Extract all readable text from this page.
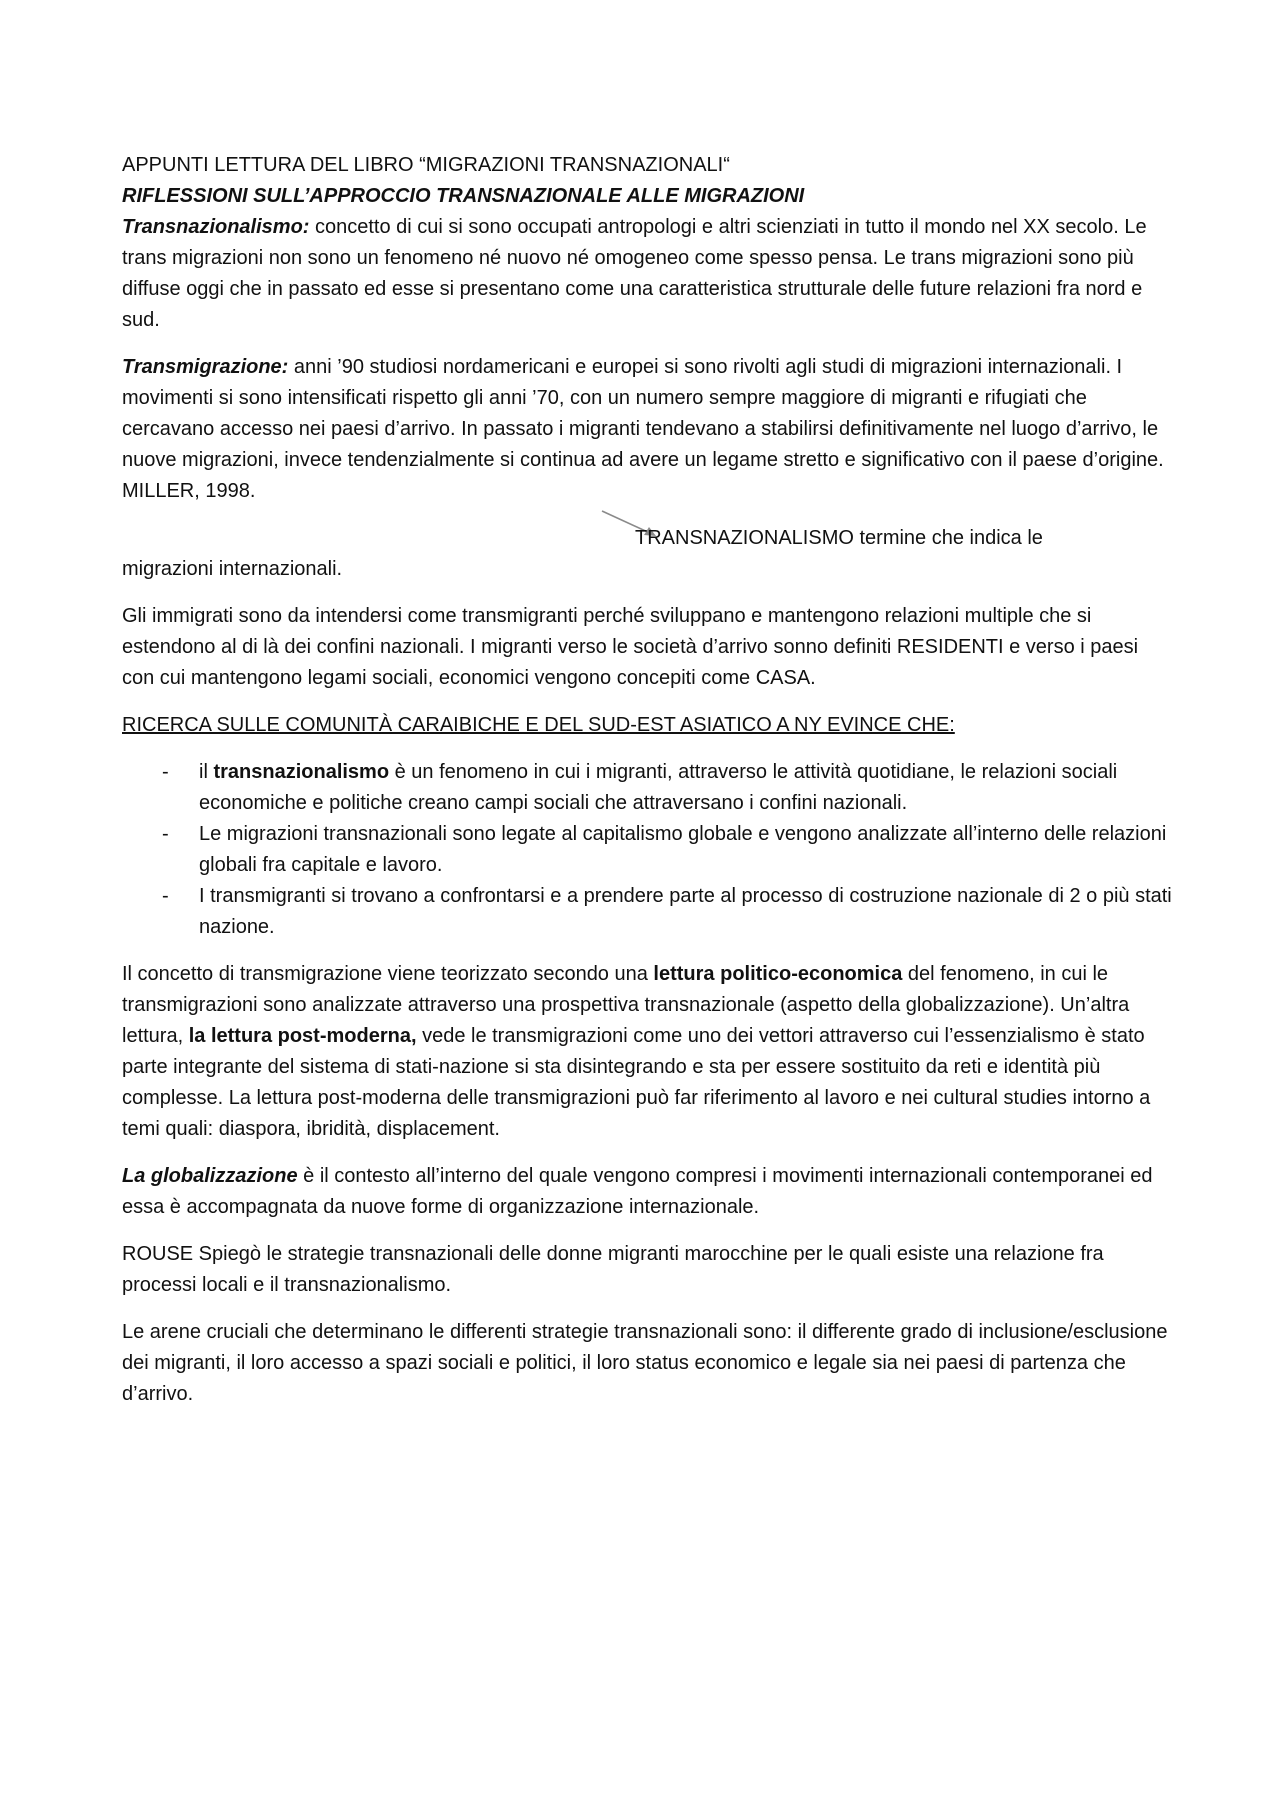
APPUNTI LETTURA DEL LIBRO “MIGRAZIONI TRANSNAZIONALI“
RIFLESSIONI SULL’APPROCCIO TRANSNAZIONALE ALLE MIGRAZIONI
Transnazionalismo: concetto di cui si sono occupati antropologi e altri scienziati in tutto il mondo nel XX secolo. Le trans migrazioni non sono un fenomeno né nuovo né omogeneo come spesso pensa. Le trans migrazioni sono più diffuse oggi che in passato ed esse si presentano come una caratteristica strutturale delle future relazioni fra nord e sud.
Transmigrazione: anni ’90 studiosi nordamericani e europei si sono rivolti agli studi di migrazioni internazionali. I movimenti si sono intensificati rispetto gli anni ’70, con un numero sempre maggiore di migranti e rifugiati che cercavano accesso nei paesi d’arrivo. In passato i migranti tendevano a stabilirsi definitivamente nel luogo d’arrivo, le nuove migrazioni, invece tendenzialmente si continua ad avere un legame stretto e significativo con il paese d’origine. MILLER, 1998.
TRANSNAZIONALISMO termine che indica le
migrazioni internazionali.
Gli immigrati sono da intendersi come transmigranti perché sviluppano e mantengono relazioni multiple che si estendono al di là dei confini nazionali. I migranti verso le società d’arrivo sonno definiti RESIDENTI e verso i paesi con cui mantengono legami sociali, economici vengono concepiti come CASA.
RICERCA SULLE COMUNITÀ CARAIBICHE E DEL SUD-EST ASIATICO A NY EVINCE CHE:
- il transnazionalismo è un fenomeno in cui i migranti, attraverso le attività quotidiane, le relazioni sociali economiche e politiche creano campi sociali che attraversano i confini nazionali.
- Le migrazioni transnazionali sono legate al capitalismo globale e vengono analizzate all’interno delle relazioni globali fra capitale e lavoro.
- I transmigranti si trovano a confrontarsi e a prendere parte al processo di costruzione nazionale di 2 o più stati nazione.
Il concetto di transmigrazione viene teorizzato secondo una lettura politico-economica del fenomeno, in cui le transmigrazioni sono analizzate attraverso una prospettiva transnazionale (aspetto della globalizzazione). Un’altra lettura, la lettura post-moderna, vede le transmigrazioni come uno dei vettori attraverso cui l’essenzialismo è stato parte integrante del sistema di stati-nazione si sta disintegrando e sta per essere sostituito da reti e identità più complesse. La lettura post-moderna delle transmigrazioni può far riferimento al lavoro e nei cultural studies intorno a temi quali: diaspora, ibridità, displacement.
La globalizzazione è il contesto all’interno del quale vengono compresi i movimenti internazionali contemporanei ed essa è accompagnata da nuove forme di organizzazione internazionale.
ROUSE Spiegò le strategie transnazionali delle donne migranti marocchine per le quali esiste una relazione fra processi locali e il transnazionalismo.
Le arene cruciali che determinano le differenti strategie transnazionali sono: il differente grado di inclusione/esclusione dei migranti, il loro accesso a spazi sociali e politici, il loro status economico e legale sia nei paesi di partenza che d’arrivo.
